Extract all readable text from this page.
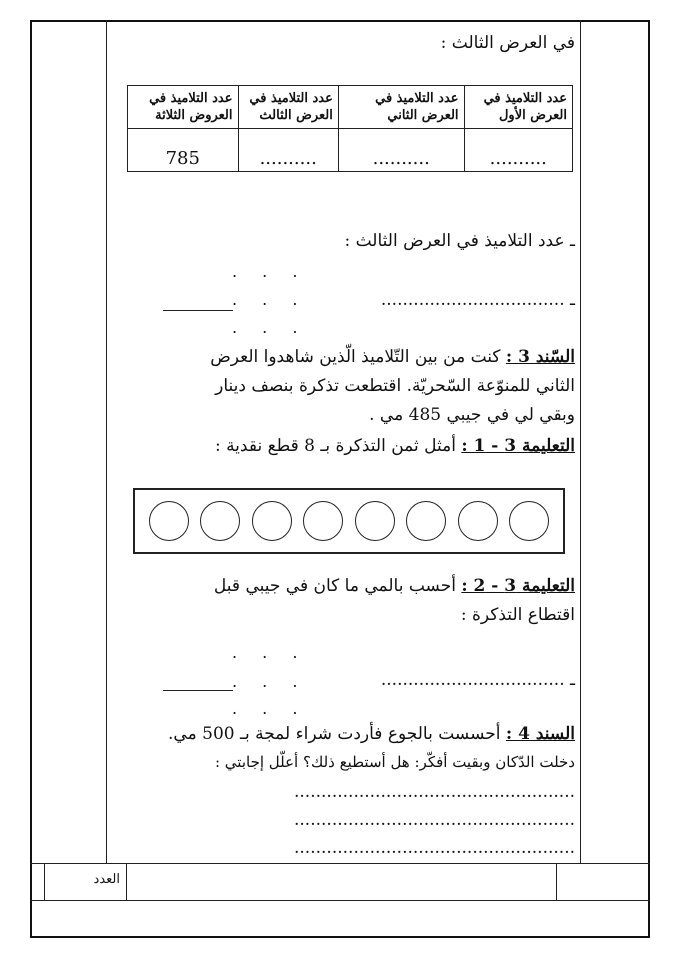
العدد
في العرض الثالث :
عدد التلاميذ في العرض الأول	عدد التلاميذ في العرض الثاني	عدد التلاميذ في العرض الثالث	عدد التلاميذ في العروض الثلاثة
..........	..........	..........	785
ـ عدد التلاميذ في العرض الثالث :
. . .
. . .
. . .
ـ ..................................
السّند 3 : كنت من بين التّلاميذ الّذين شاهدوا العرض
الثاني للمنوّعة السّحريّة. اقتطعت تذكرة بنصف دينار
وبقي لي في جيبي 485 مي .
التعليمة 3 - 1 : أمثل ثمن التذكرة بـ 8 قطع نقدية :
التعليمة 3 - 2 : أحسب بالمي ما كان في جيبي قبل
اقتطاع التذكرة :
. . .
. . .
. . .
ـ ..................................
السند 4 : أحسست بالجوع فأردت شراء لمجة بـ 500 مي.
دخلت الدّكان وبقيت أفكّر: هل أستطيع ذلك؟ أعلّل إجابتي :
....................................................
....................................................
....................................................
